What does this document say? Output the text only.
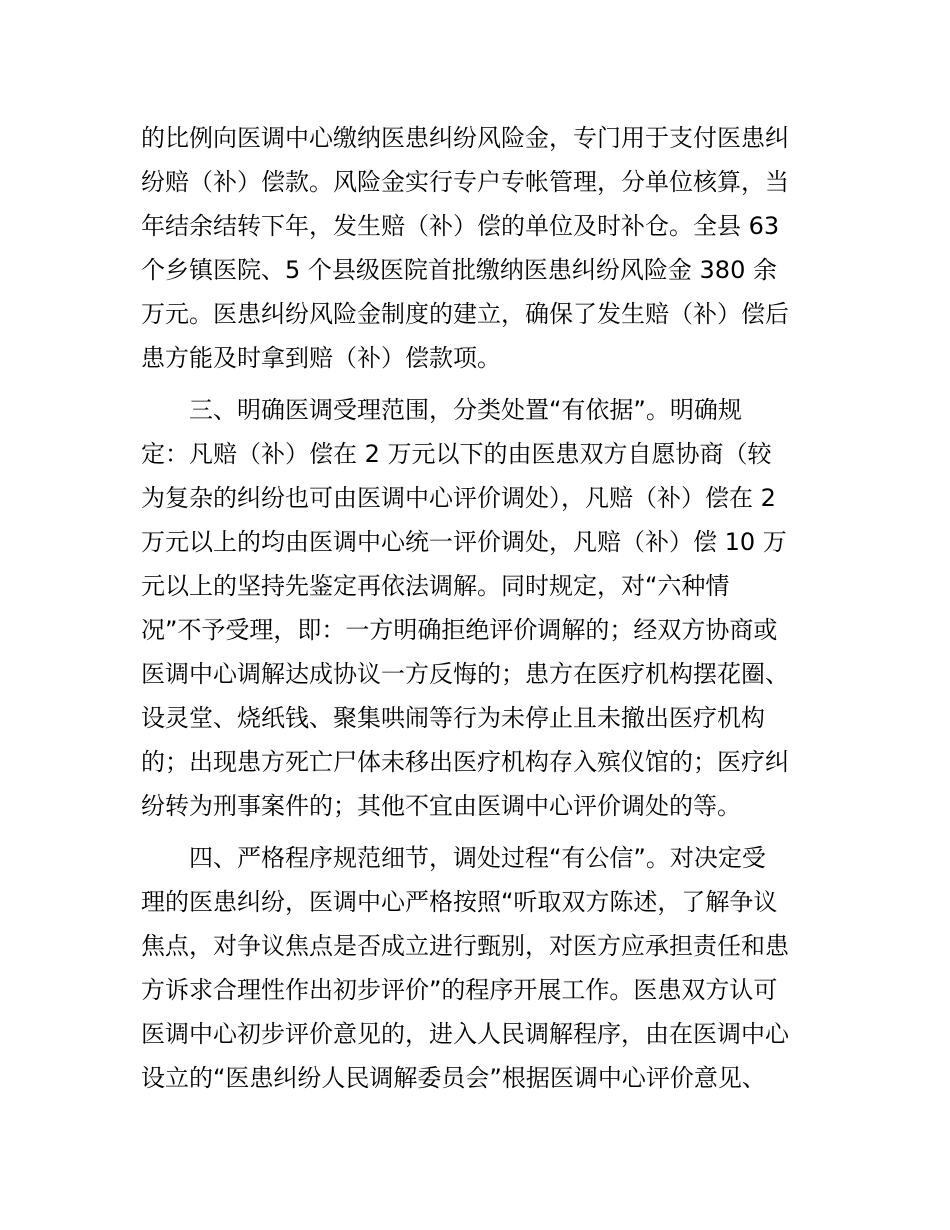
的比例向医调中心缴纳医患纠纷风险金，专门用于支付医患纠
纷赔（补）偿款。风险金实行专户专帐管理，分单位核算，当
年结余结转下年，发生赔（补）偿的单位及时补仓。全县 63
个乡镇医院、5 个县级医院首批缴纳医患纠纷风险金 380 余
万元。医患纠纷风险金制度的建立，确保了发生赔（补）偿后
患方能及时拿到赔（补）偿款项。
三、明确医调受理范围，分类处置“有依据”。明确规
定：凡赔（补）偿在 2 万元以下的由医患双方自愿协商（较
为复杂的纠纷也可由医调中心评价调处），凡赔（补）偿在 2
万元以上的均由医调中心统一评价调处，凡赔（补）偿 10 万
元以上的坚持先鉴定再依法调解。同时规定，对“六种情
况”不予受理，即：一方明确拒绝评价调解的；经双方协商或
医调中心调解达成协议一方反悔的；患方在医疗机构摆花圈、
设灵堂、烧纸钱、聚集哄闹等行为未停止且未撤出医疗机构
的；出现患方死亡尸体未移出医疗机构存入殡仪馆的；医疗纠
纷转为刑事案件的；其他不宜由医调中心评价调处的等。
四、严格程序规范细节，调处过程“有公信”。对决定受
理的医患纠纷，医调中心严格按照“听取双方陈述，了解争议
焦点，对争议焦点是否成立进行甄别，对医方应承担责任和患
方诉求合理性作出初步评价”的程序开展工作。医患双方认可
医调中心初步评价意见的，进入人民调解程序，由在医调中心
设立的“医患纠纷人民调解委员会”根据医调中心评价意见、
